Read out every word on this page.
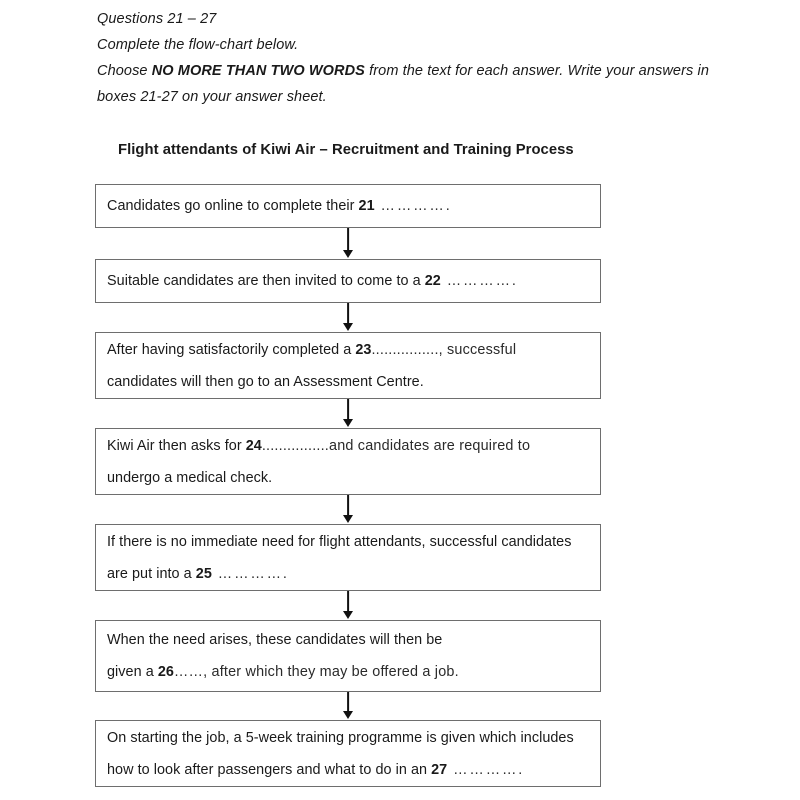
Questions 21 – 27
Complete the flow-chart below.
Choose NO MORE THAN TWO WORDS from the text for each answer. Write your answers in
boxes 21-27 on your answer sheet.
Flight attendants of Kiwi Air – Recruitment and Training Process
Candidates go online to complete their 21 ………….
Suitable candidates are then invited to come to a 22 ………….
After having satisfactorily completed a 23................, successful
candidates will then go to an Assessment Centre.
Kiwi Air then asks for 24................and candidates are required to
undergo a medical check.
If there is no immediate need for flight attendants, successful candidates
are put into a 25 ………….
When the need arises, these candidates will then be
given a 26……, after which they may be offered a job.
On starting the job, a 5-week training programme is given which includes
how to look after passengers and what to do in an 27 ………….
